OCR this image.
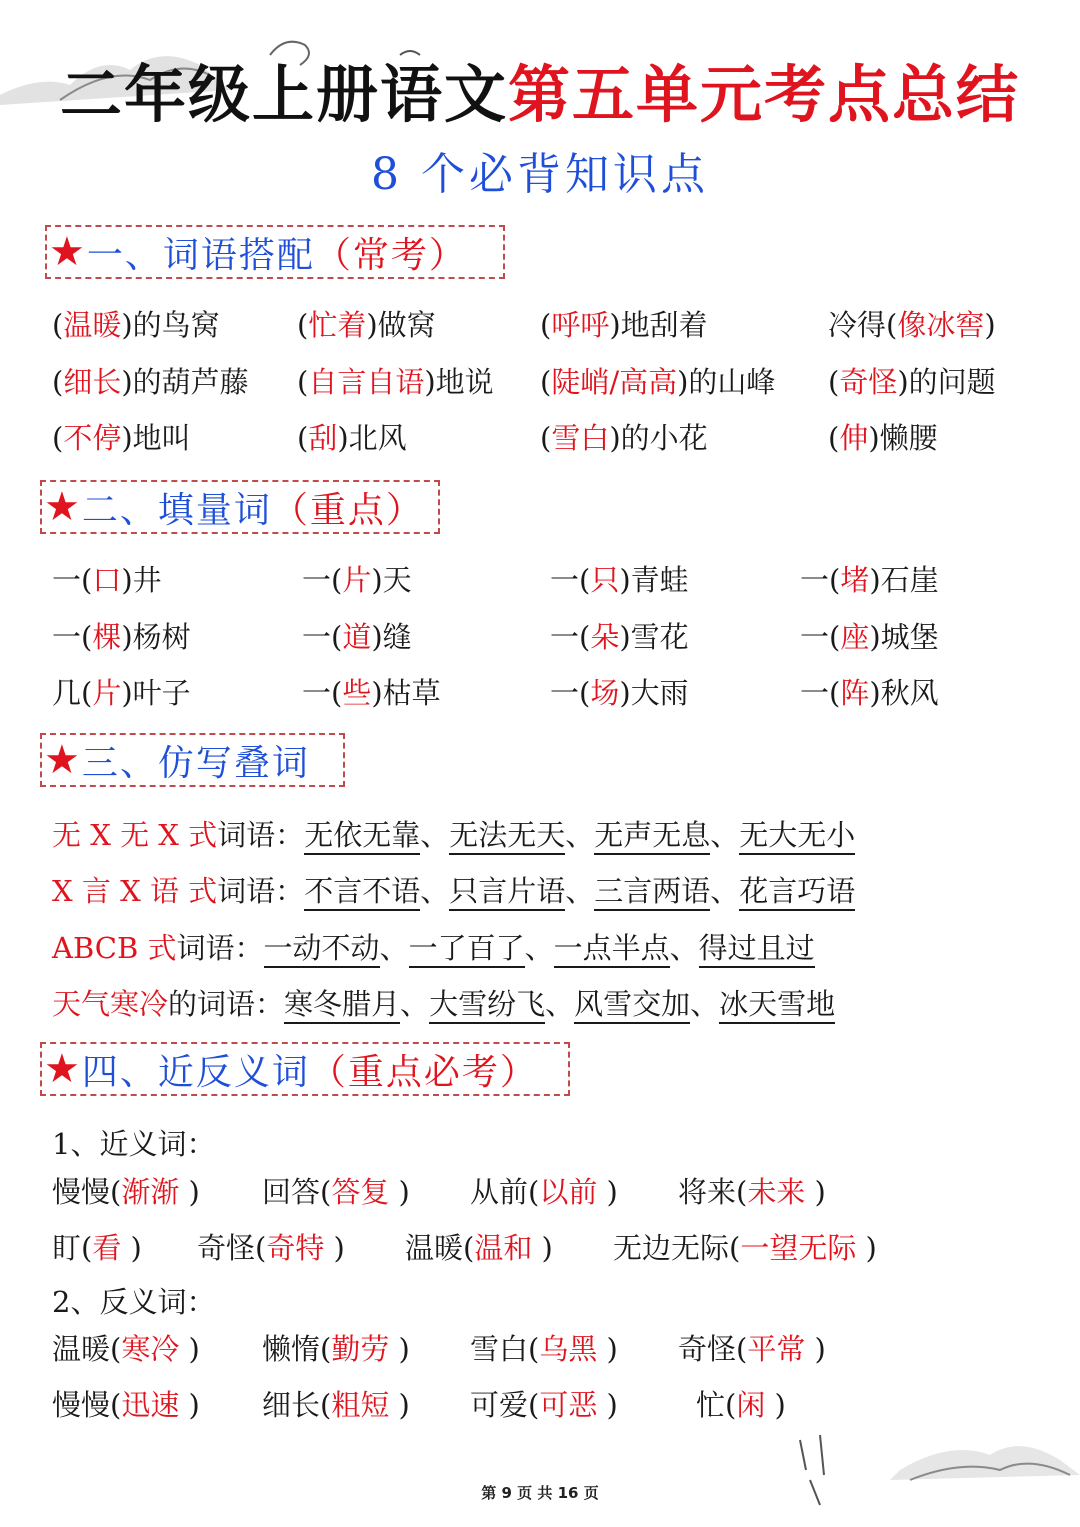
二年级上册语文第五单元考点总结
8 个必背知识点
★ 一、词语搭配 （常考）
(温暖)的鸟窝	(忙着)做窝	(呼呼)地刮着	冷得(像冰窖)
(细长)的葫芦藤 (自言自语)地说 (陡峭/高高)的山峰 (奇怪)的问题
(不停)地叫	(刮)北风	(雪白)的小花	(伸)懒腰
★ 二、填量词 （重点）
一(口)井	一(片)天	一(只)青蛙	一(堵)石崖
一(棵)杨树	一(道)缝	一(朵)雪花	一(座)城堡
几(片)叶子	一(些)枯草	一(场)大雨	一(阵)秋风
★ 三、仿写叠词
无 X 无 X 式词语：无依无靠、无法无天、无声无息、无大无小
X 言 X 语 式词语：不言不语、只言片语、三言两语、花言巧语
ABCB 式词语：一动不动、一了百了、一点半点、得过且过
天气寒冷的词语：寒冬腊月、大雪纷飞、风雪交加、冰天雪地
★ 四、近反义词 （重点必考）
1、近义词：
慢慢(渐渐 ) 回答(答复 ) 从前(以前 ) 将来(未来 )
盯(看 ) 奇怪(奇特 ) 温暖(温和 ) 无边无际(一望无际 )
2、反义词：
温暖(寒冷 ) 懒惰(勤劳 ) 雪白(乌黑 ) 奇怪(平常 )
慢慢(迅速 ) 细长(粗短 ) 可爱(可恶 )	忙(闲 )
第 9 页 共 16 页
